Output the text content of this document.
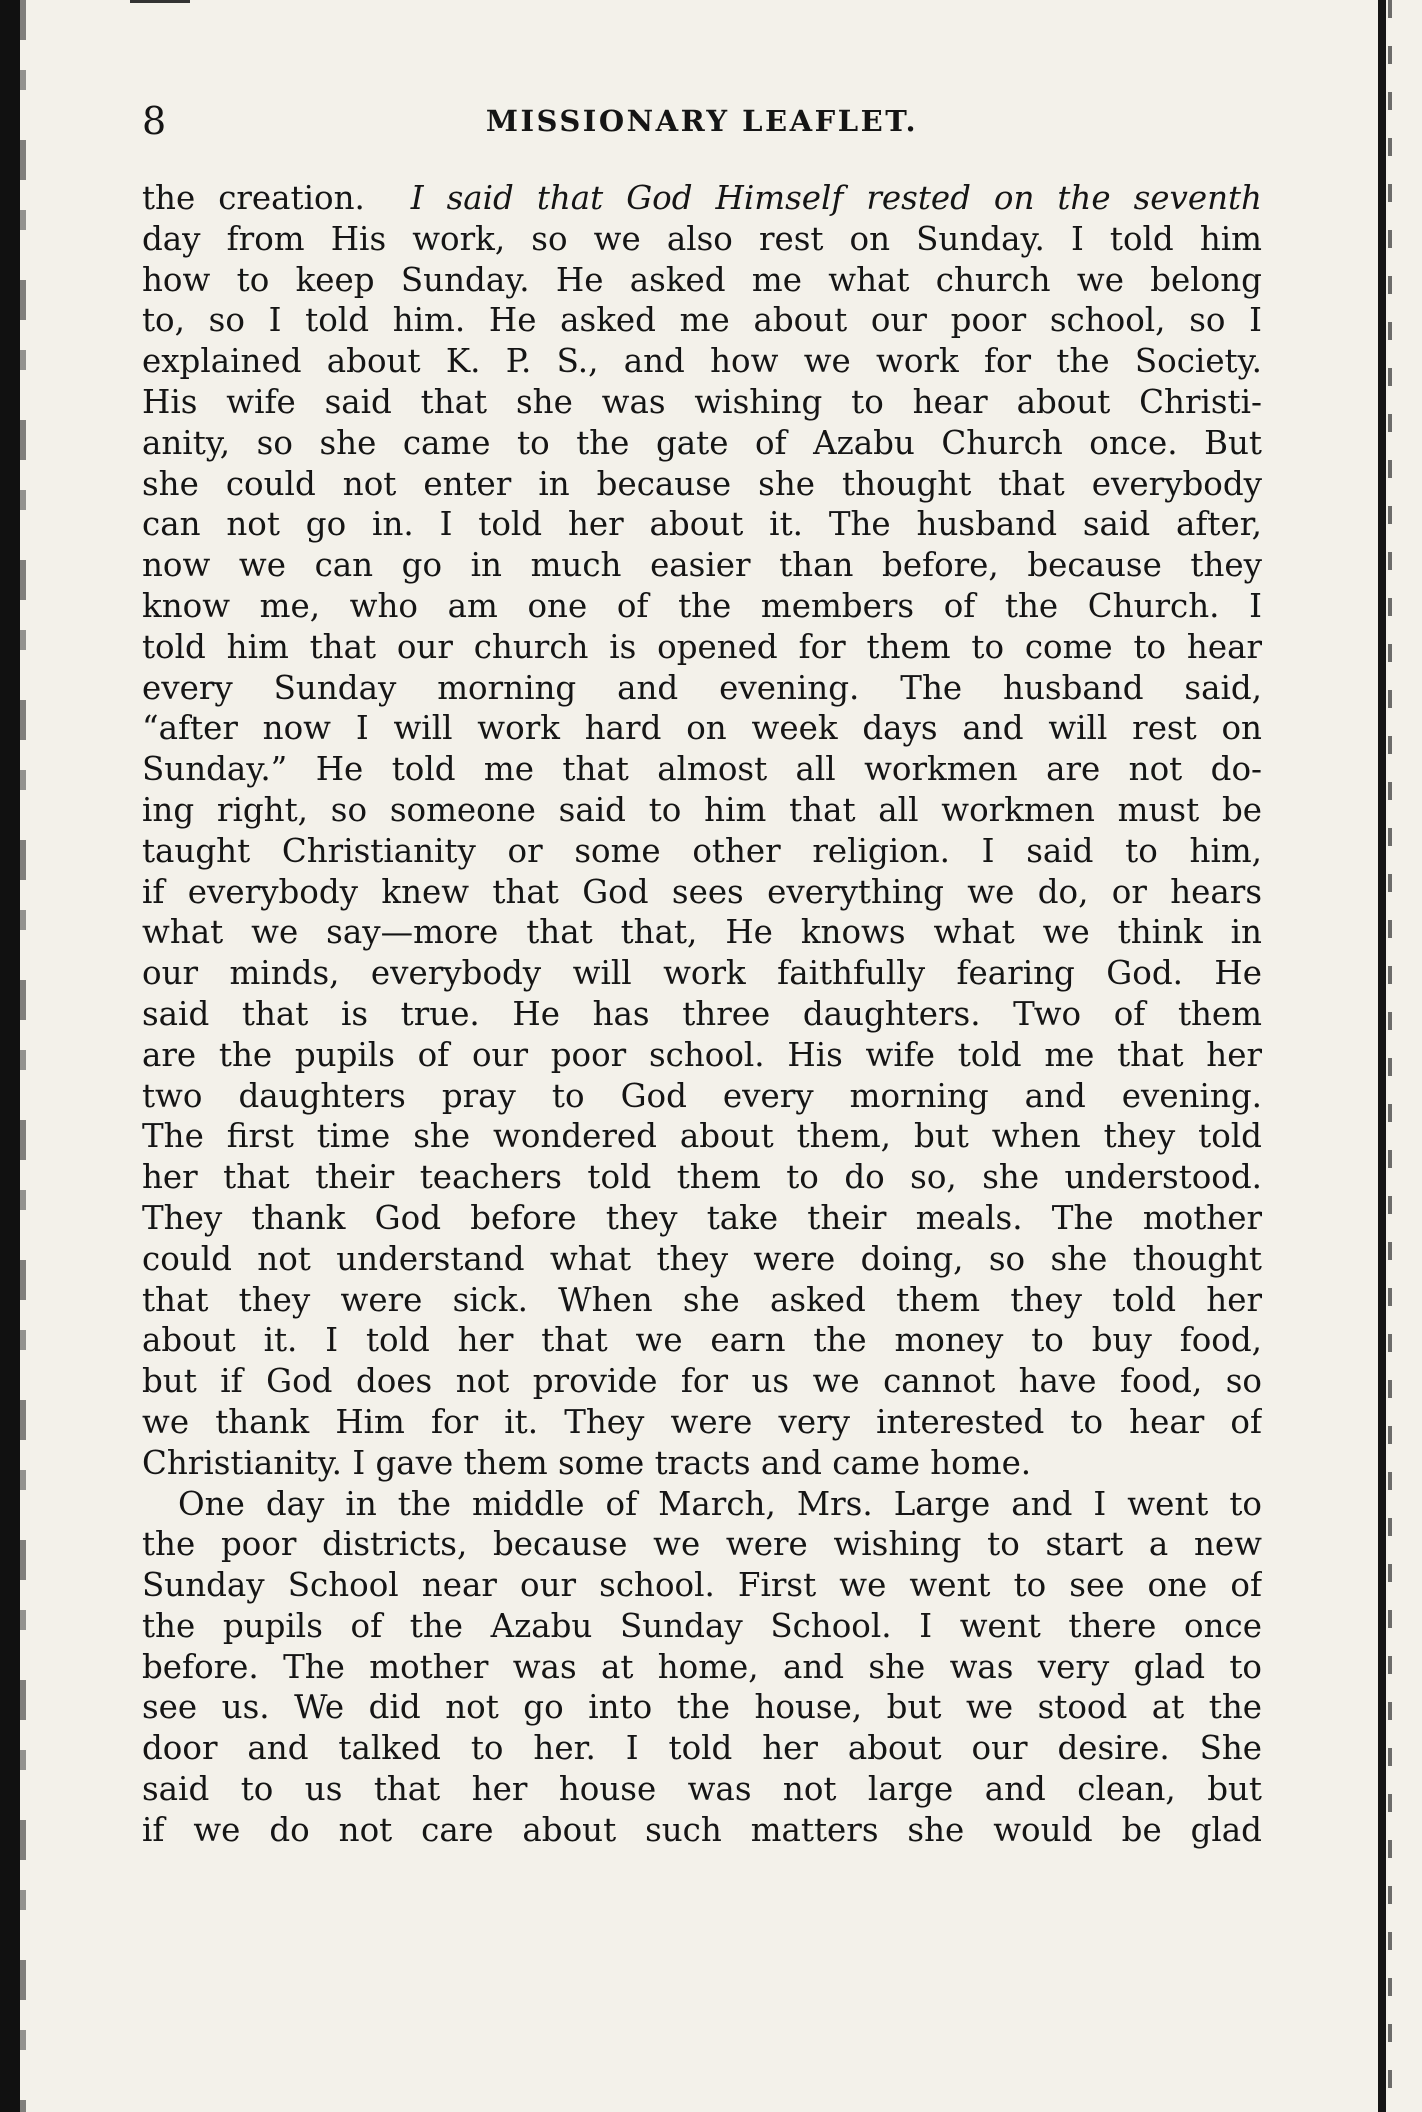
8	MISSIONARY LEAFLET.
the creation.  I said that God Himself rested on the seventh
day from His work, so we also rest on Sunday. I told him
how to keep Sunday. He asked me what church we belong
to, so I told him. He asked me about our poor school, so I
explained about K. P. S., and how we work for the Society.
His wife said that she was wishing to hear about Christi-
anity, so she came to the gate of Azabu Church once. But
she could not enter in because she thought that everybody
can not go in. I told her about it. The husband said after,
now we can go in much easier than before, because they
know me, who am one of the members of the Church. I
told him that our church is opened for them to come to hear
every Sunday morning and evening. The husband said,
“after now I will work hard on week days and will rest on
Sunday.” He told me that almost all workmen are not do-
ing right, so someone said to him that all workmen must be
taught Christianity or some other religion. I said to him,
if everybody knew that God sees everything we do, or hears
what we say—more that that, He knows what we think in
our minds, everybody will work faithfully fearing God. He
said that is true. He has three daughters. Two of them
are the pupils of our poor school. His wife told me that her
two daughters pray to God every morning and evening.
The first time she wondered about them, but when they told
her that their teachers told them to do so, she understood.
They thank God before they take their meals. The mother
could not understand what they were doing, so she thought
that they were sick. When she asked them they told her
about it. I told her that we earn the money to buy food,
but if God does not provide for us we cannot have food, so
we thank Him for it. They were very interested to hear of
Christianity. I gave them some tracts and came home.
One day in the middle of March, Mrs. Large and I went to
the poor districts, because we were wishing to start a new
Sunday School near our school. First we went to see one of
the pupils of the Azabu Sunday School. I went there once
before. The mother was at home, and she was very glad to
see us. We did not go into the house, but we stood at the
door and talked to her. I told her about our desire. She
said to us that her house was not large and clean, but
if we do not care about such matters she would be glad
